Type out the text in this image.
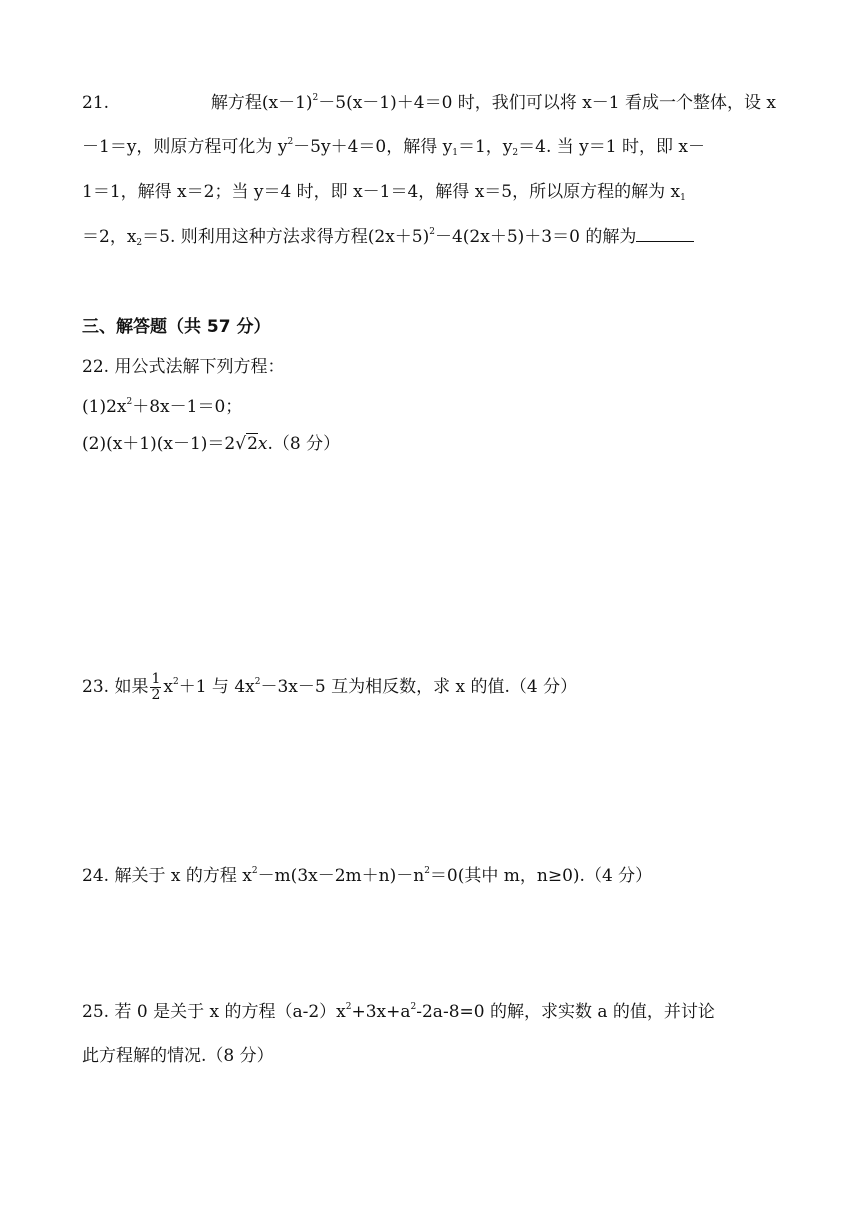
21.	解方程$(x-1)^2-5(x-1)+4=0$ 时，我们可以将 x－1 看成一个整体，设 x
－1＝y，则原方程可化为 $y^2-5y+4=0$，解得 $y_1=1$，$y_2=4$. 当 y＝1 时，即 x－
1＝1，解得 x＝2；当 y＝4 时，即 x－1＝4，解得 x＝5，所以原方程的解为 $x_1$
＝2，$x_2=5$. 则利用这种方法求得方程$(2x+5)^2-4(2x+5)+3=0$ 的解为
三、解答题（共 57 分）
22. 用公式法解下列方程：
$(1)2x^2+8x-1=0$；
(2)(x＋1)(x－1)＝2√2x.（8 分）
23. 如果 $\frac{1}{2} x^2+1$ 与 $4x^2-3x-5$ 互为相反数，求 x 的值.（4 分）
24. 解关于 x 的方程 $x^2-m(3x-2m+n)-n^2=0$(其中 m，n≥0).（4 分）
25. 若 0 是关于 x 的方程$(a-2)x^2+3x+a^2-2a-8=0$ 的解，求实数 a 的值，并讨论
此方程解的情况.（8 分）
